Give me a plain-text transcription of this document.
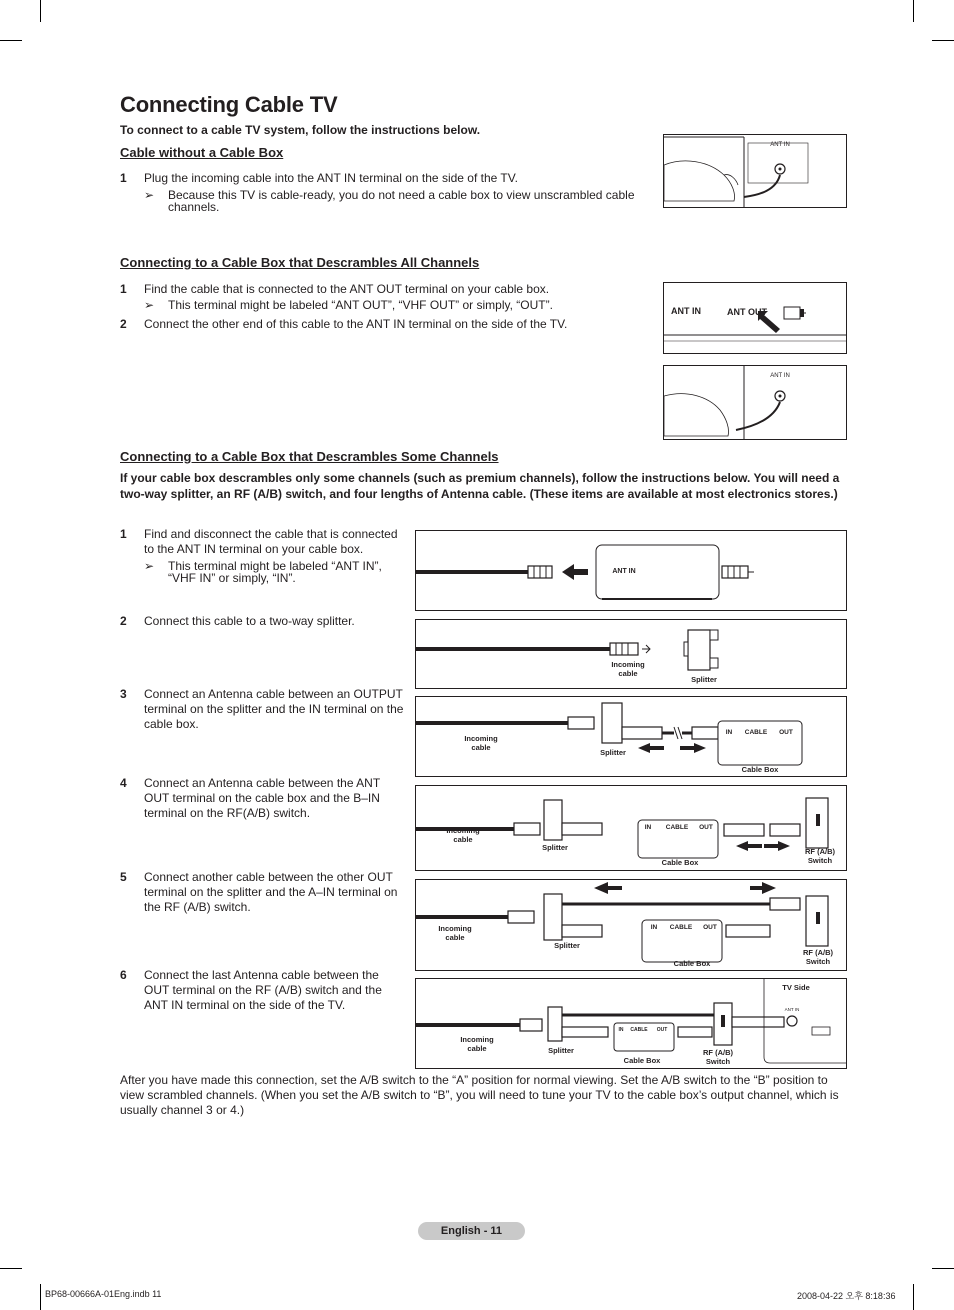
Connecting Cable TV
To connect to a cable TV system, follow the instructions below.
Cable without a Cable Box
1 Plug the incoming cable into the ANT IN terminal on the side of the TV.
➢ Because this TV is cable-ready, you do not need a cable box to view unscrambled cable channels.
ANT IN
Connecting to a Cable Box that Descrambles All Channels
1 Find the cable that is connected to the ANT OUT terminal on your cable box.
➢ This terminal might be labeled “ANT OUT”, “VHF OUT” or simply, “OUT”.
2 Connect the other end of this cable to the ANT IN terminal on the side of the TV.
ANT IN	ANT OUT
ANT IN
Connecting to a Cable Box that Descrambles Some Channels
If your cable box descrambles only some channels (such as premium channels), follow the instructions below. You will need a two-way splitter, an RF (A/B) switch, and four lengths of Antenna cable. (These items are available at most electronics stores.)
1 Find and disconnect the cable that is connected to the ANT IN terminal on your cable box.
➢ This terminal might be labeled “ANT IN”, “VHF IN” or simply, “IN”.
2 Connect this cable to a two-way splitter.
3 Connect an Antenna cable between an OUTPUT terminal on the splitter and the IN terminal on the cable box.
4 Connect an Antenna cable between the ANT OUT terminal on the cable box and the B–IN terminal on the RF(A/B) switch.
5 Connect another cable between the other OUT terminal on the splitter and the A–IN terminal on the RF (A/B) switch.
6 Connect the last Antenna cable between the OUT terminal on the RF (A/B) switch and the ANT IN terminal on the side of the TV.
ANT IN
Incoming cable
Splitter
Incoming cable
Splitter
IN	CABLE	OUT
Cable Box
Incoming cable
Splitter
IN	CABLE	OUT
Cable Box
RF (A/B) Switch
Incoming cable
Splitter
IN	CABLE	OUT
Cable Box
RF (A/B) Switch
Incoming cable	Splitter
IN	CABLE	OUT
Cable Box
RF (A/B) Switch
TV Side
ANT IN
After you have made this connection, set the A/B switch to the “A” position for normal viewing. Set the A/B switch to the “B” position to view scrambled channels. (When you set the A/B switch to “B”, you will need to tune your TV to the cable box’s output channel, which is usually channel 3 or 4.)
English - 11
BP68-00666A-01Eng.indb 11	2008-04-22 오후 8:18:36
